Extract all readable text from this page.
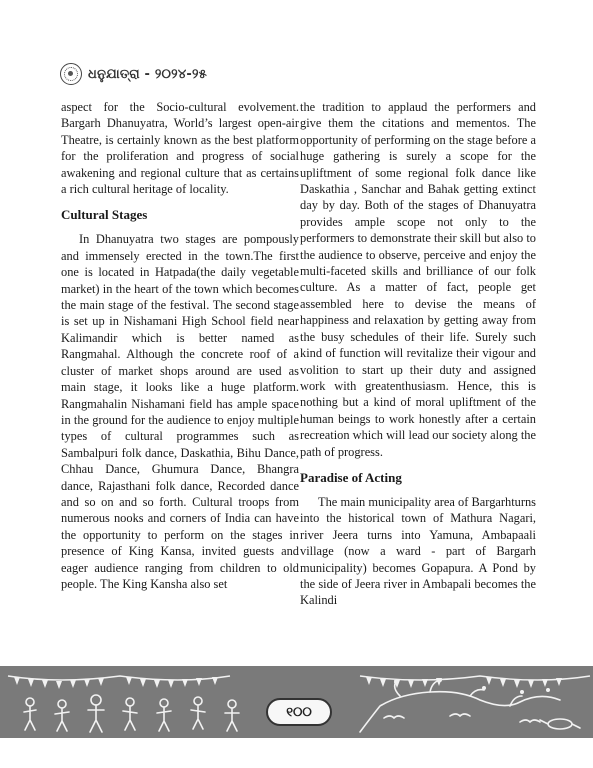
ଧନୁଯାତ୍ରା - ୨୦୨୪-୨୫

aspect for the Socio-cultural evolvement. Bargarh Dhanuyatra, World’s largest open-air Theatre, is certainly known as the best platform for the proliferation and progress of social awakening and regional culture that as certains a rich cultural heritage of locality.

Cultural Stages

In Dhanuyatra two stages are pompously and immensely erected in the town.The first one is located in Hatpada(the daily vegetable market) in the heart of the town which becomes the main stage of the festival. The second stage is set up in Nishamani High School field near Kalimandir which is better named as Rangmahal. Although the concrete roof of a cluster of market shops around are used as main stage, it looks like a huge platform. Rangmahalin Nishamani field has ample space in the ground for the audience to enjoy multiple types of cultural programmes such as Sambalpuri folk dance, Daskathia, Bihu Dance, Chhau Dance, Ghumura Dance, Bhangra dance, Rajasthani folk dance, Recorded dance and so on and so forth. Cultural troops from numerous nooks and corners of India can have the opportunity to perform on the stages in presence of King Kansa, invited guests and eager audience ranging from children to old people. The King Kansha also set

the tradition to applaud the performers and give them the citations and mementos. The opportunity of performing on the stage before a huge gathering is surely a scope for the upliftment of some regional folk dance like Daskathia , Sanchar and Bahak getting extinct day by day. Both of the stages of Dhanuyatra provides ample scope not only to the performers to demonstrate their skill but also to the audience to observe, perceive and enjoy the multi-faceted skills and brilliance of our folk culture. As a matter of fact, people get assembled here to devise the means of happiness and relaxation by getting away from the busy schedules of their life. Surely such kind of function will revitalize their vigour and volition to start up their duty and assigned work with greatenthusiasm. Hence, this is nothing but a kind of moral upliftment of the human beings to work honestly after a certain recreation which will lead our society along the path of progress.

Paradise of Acting

The main municipality area of Bargarhturns into the historical town of Mathura Nagari, river Jeera turns into Yamuna, Ambapaali village (now a ward - part of Bargarh municipality) becomes Gopapura. A Pond by the side of Jeera river in Ambapali becomes the Kalindi

୧୦୦
